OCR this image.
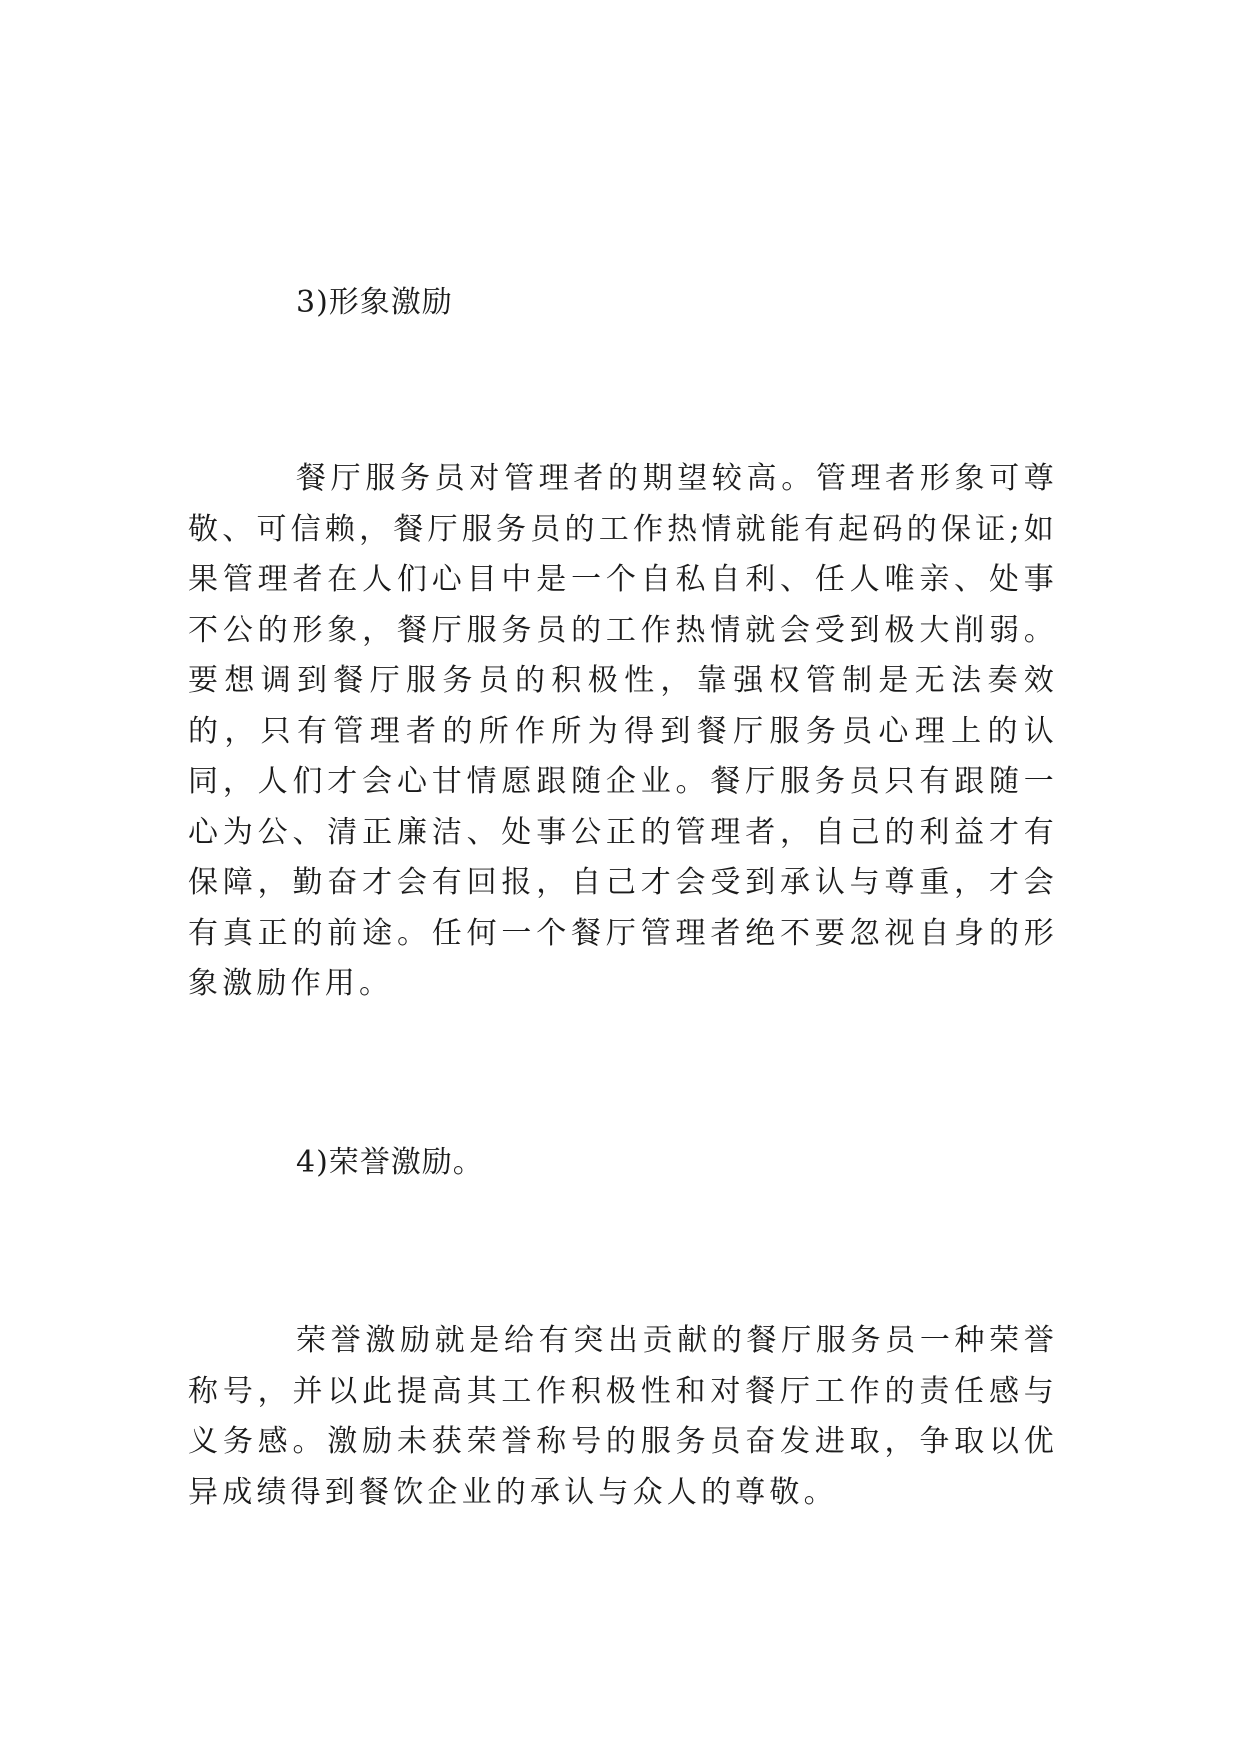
3)形象激励

餐厅服务员对管理者的期望较高。管理者形象可尊敬、可信赖，餐厅服务员的工作热情就能有起码的保证;如果管理者在人们心目中是一个自私自利、任人唯亲、处事不公的形象，餐厅服务员的工作热情就会受到极大削弱。要想调到餐厅服务员的积极性，靠强权管制是无法奏效的，只有管理者的所作所为得到餐厅服务员心理上的认同，人们才会心甘情愿跟随企业。餐厅服务员只有跟随一心为公、清正廉洁、处事公正的管理者，自己的利益才有保障，勤奋才会有回报，自己才会受到承认与尊重，才会有真正的前途。任何一个餐厅管理者绝不要忽视自身的形象激励作用。

4)荣誉激励。

荣誉激励就是给有突出贡献的餐厅服务员一种荣誉称号，并以此提高其工作积极性和对餐厅工作的责任感与义务感。激励未获荣誉称号的服务员奋发进取，争取以优异成绩得到餐饮企业的承认与众人的尊敬。
